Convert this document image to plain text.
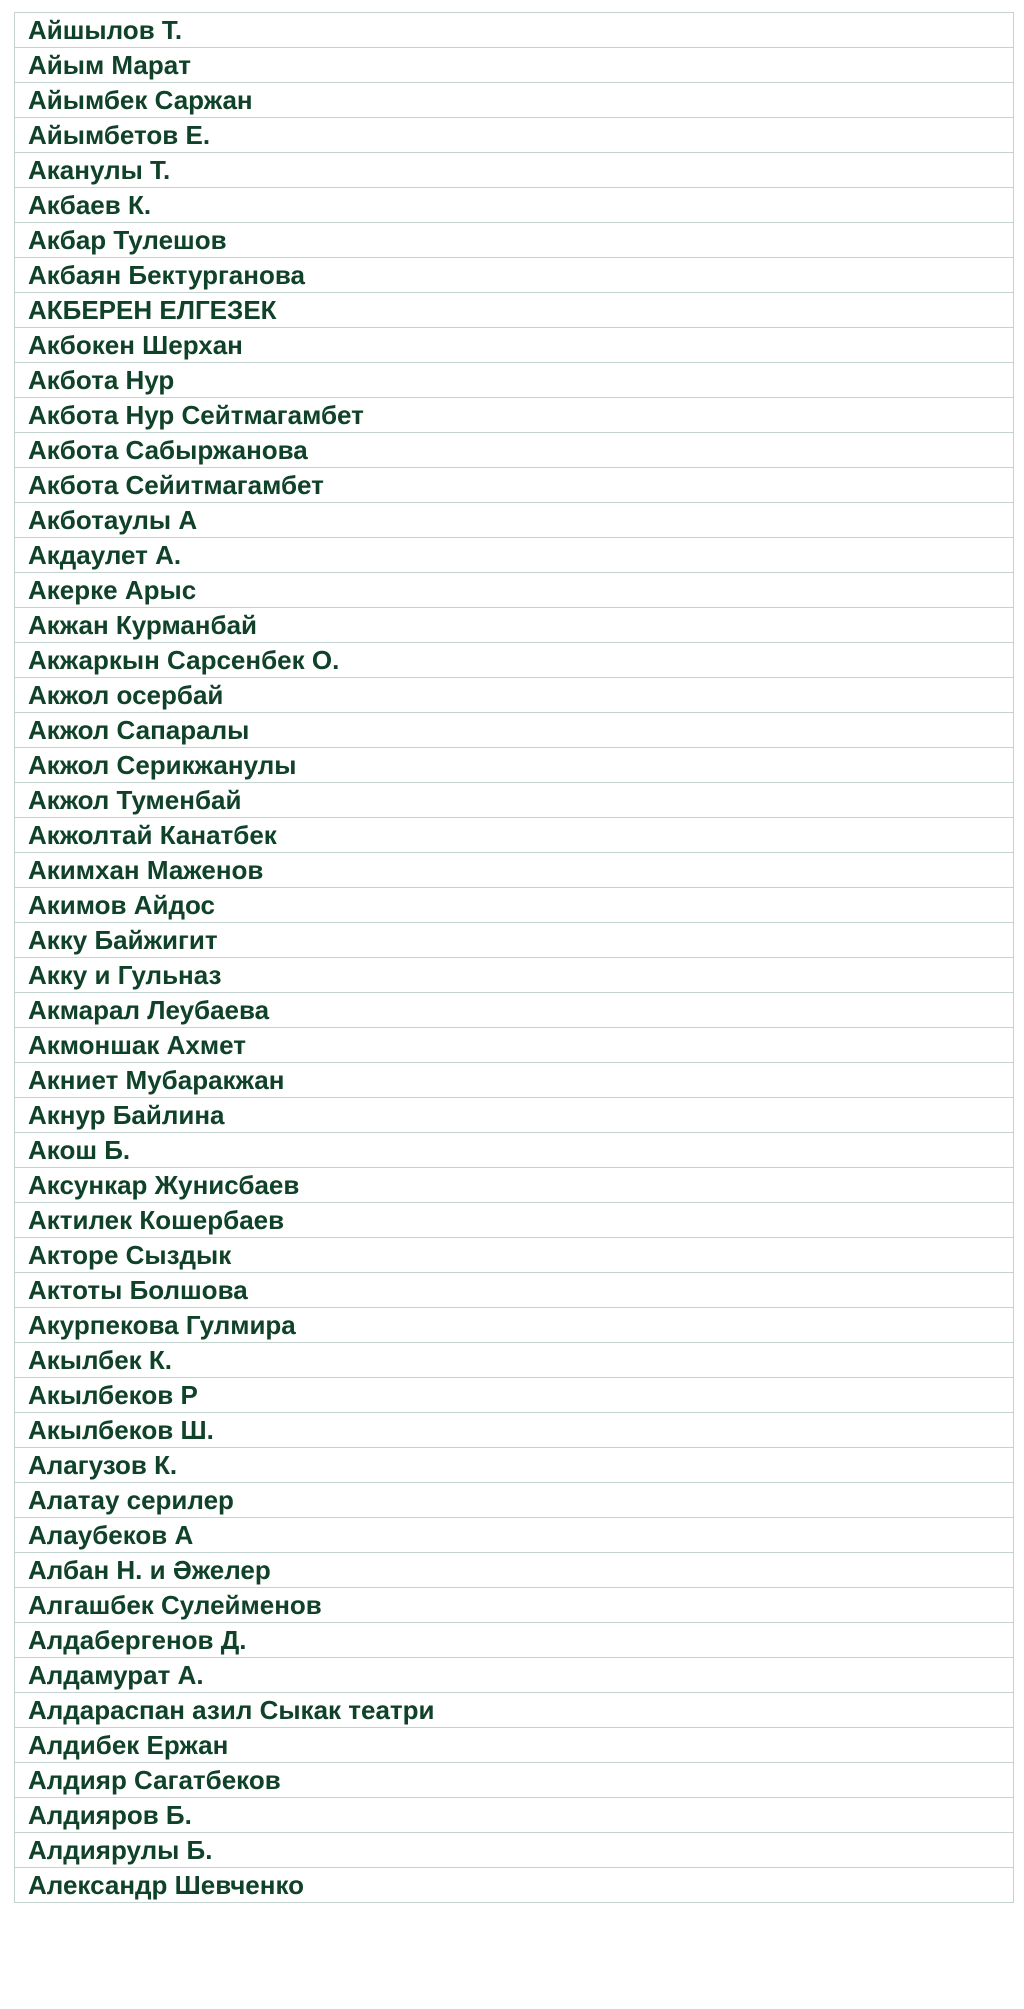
Айшылов Т.
Айым Марат
Айымбек Саржан
Айымбетов Е.
Аканулы Т.
Акбаев К.
Акбар Тулешов
Акбаян Бектурганова
АКБЕРЕН ЕЛГЕЗЕК
Акбокен Шерхан
Акбота Нур
Акбота Нур Сейтмагамбет
Акбота Сабыржанова
Акбота Сейитмагамбет
Акботаулы А
Акдаулет А.
Акерке Арыс
Акжан Курманбай
Акжаркын Сарсенбек О.
Акжол осербай
Акжол Сапаралы
Акжол Серикжанулы
Акжол Туменбай
Акжолтай Канатбек
Акимхан Маженов
Акимов Айдос
Акку Байжигит
Акку и Гульназ
Акмарал Леубаева
Акмоншак Ахмет
Акниет Мубаракжан
Акнур Байлина
Акош Б.
Аксункар Жунисбаев
Актилек Кошербаев
Акторе Сыздык
Актоты Болшова
Акурпекова Гулмира
Акылбек К.
Акылбеков Р
Акылбеков Ш.
Алагузов К.
Алатау серилер
Алаубеков А
Албан Н. и Әжелер
Алгашбек Сулейменов
Алдабергенов Д.
Алдамурат А.
Алдараспан азил Сыкак театри
Алдибек Ержан
Алдияр Сагатбеков
Алдияров Б.
Алдиярулы Б.
Александр Шевченко
